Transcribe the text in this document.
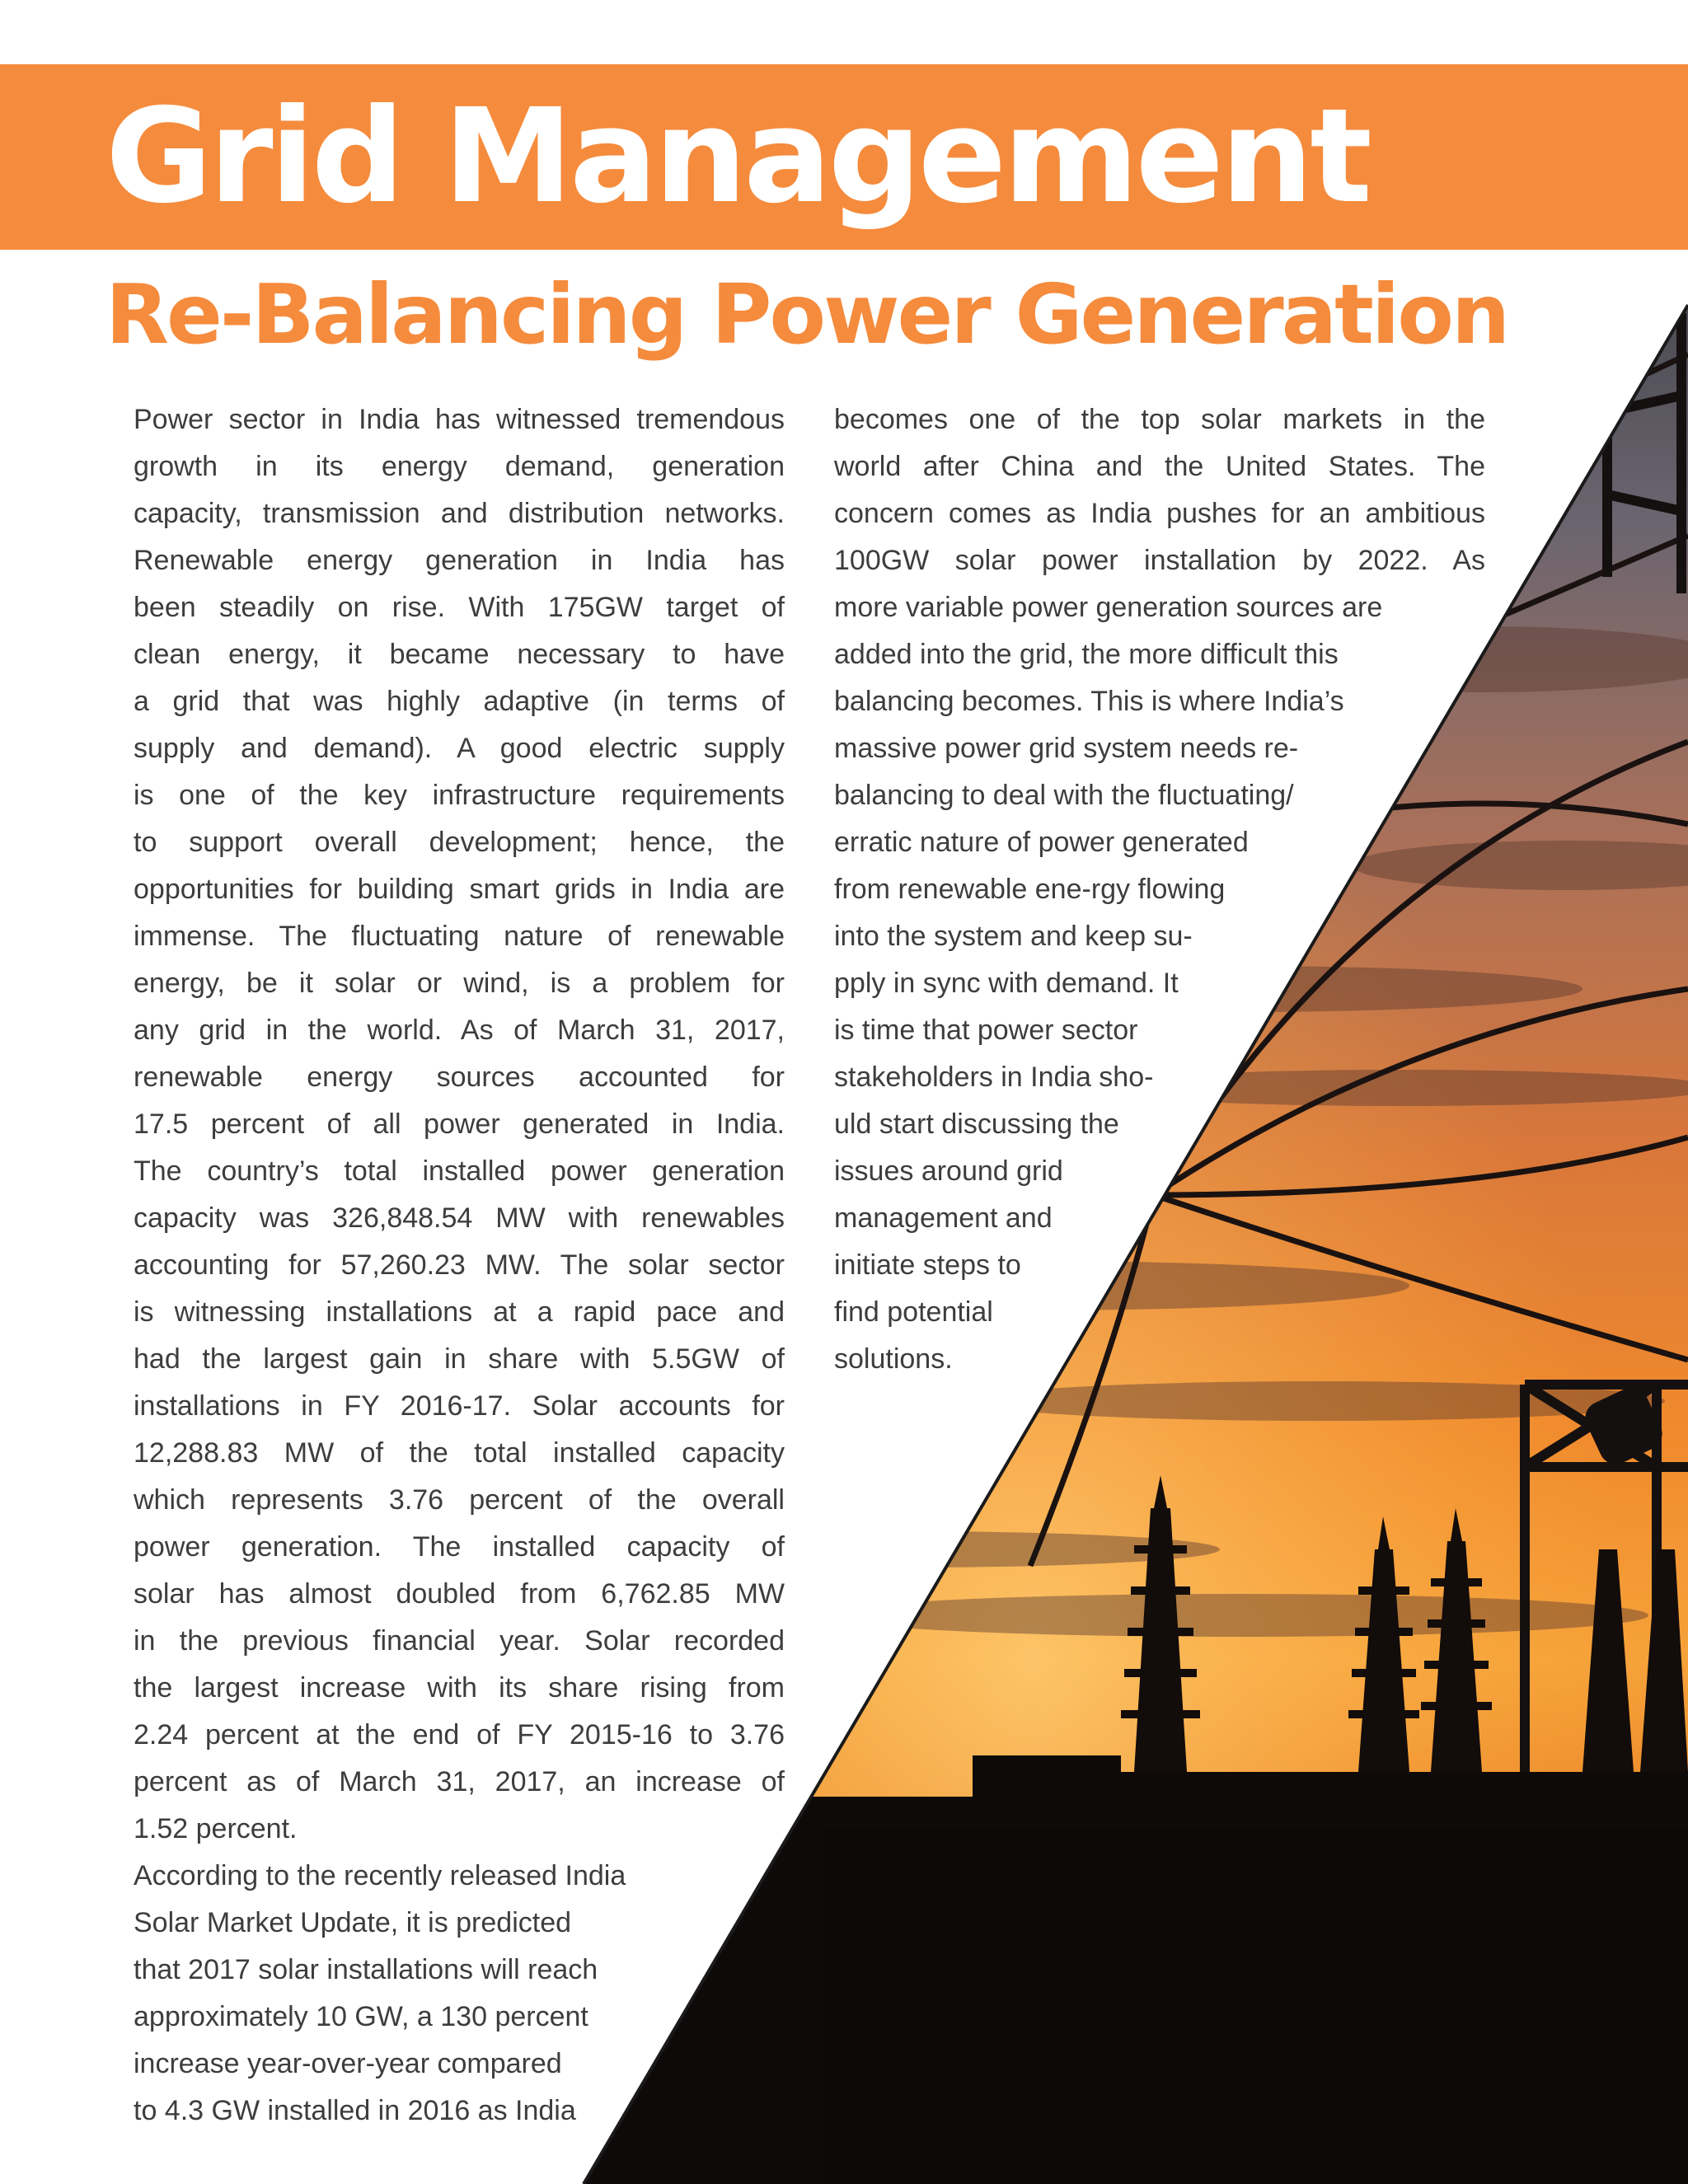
Grid Management
Re-Balancing Power Generation
Power sector in India has witnessed tremendous
growth in its energy demand, generation
capacity, transmission and distribution networks.
Renewable energy generation in India has
been steadily on rise. With 175GW target of
clean energy, it became necessary to have
a grid that was highly adaptive (in terms of
supply and demand). A good electric supply
is one of the key infrastructure requirements
to support overall development; hence, the
opportunities for building smart grids in India are
immense. The fluctuating nature of renewable
energy, be it solar or wind, is a problem for
any grid in the world. As of March 31, 2017,
renewable energy sources accounted for
17.5 percent of all power generated in India.
The country’s total installed power generation
capacity was 326,848.54 MW with renewables
accounting for 57,260.23 MW. The solar sector
is witnessing installations at a rapid pace and
had the largest gain in share with 5.5GW of
installations in FY 2016-17. Solar accounts for
12,288.83 MW of the total installed capacity
which represents 3.76 percent of the overall
power generation. The installed capacity of
solar has almost doubled from 6,762.85 MW
in the previous financial year. Solar recorded
the largest increase with its share rising from
2.24 percent at the end of FY 2015-16 to 3.76
percent as of March 31, 2017, an increase of
1.52 percent.
According to the recently released India
Solar Market Update, it is predicted
that 2017 solar installations will reach
approximately 10 GW, a 130 percent
increase year-over-year compared
to 4.3 GW installed in 2016 as India
becomes one of the top solar markets in the
world after China and the United States. The
concern comes as India pushes for an ambitious
100GW solar power installation by 2022. As
more variable power generation sources are
added into the grid, the more difficult this
balancing becomes. This is where India’s
massive power grid system needs re-
balancing to deal with the fluctuating/
erratic nature of power generated
from renewable ene-rgy flowing
into the system and keep su-
pply in sync with demand. It
is time that power sector
stakeholders in India sho-
uld start discussing the
issues around grid
management and
initiate steps to
find potential
solutions.
